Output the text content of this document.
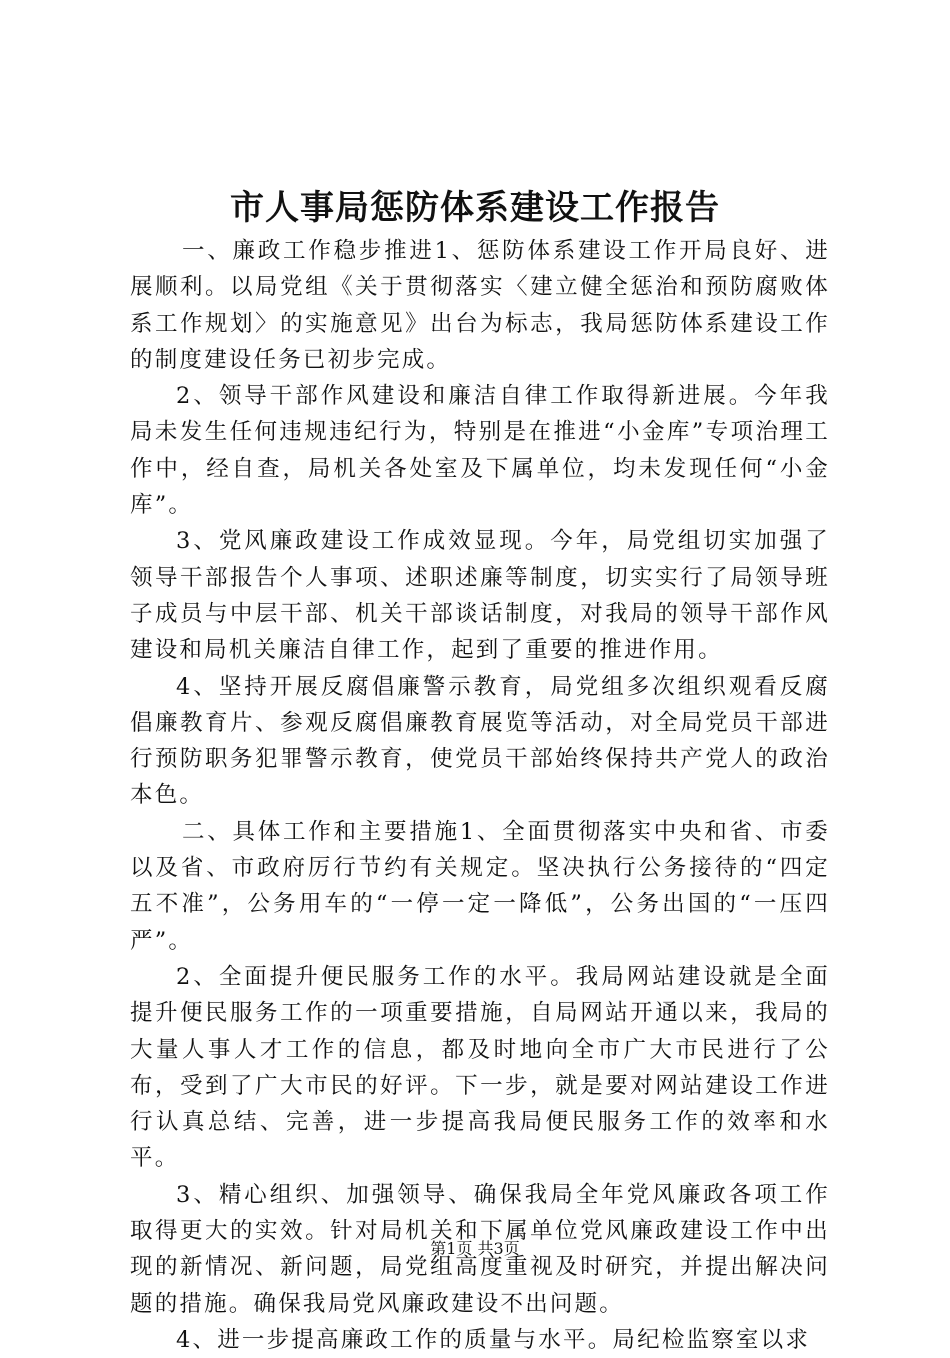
市人事局惩防体系建设工作报告

一、廉政工作稳步推进1、惩防体系建设工作开局良好、进展顺利。以局党组《关于贯彻落实〈建立健全惩治和预防腐败体系工作规划〉的实施意见》出台为标志，我局惩防体系建设工作的制度建设任务已初步完成。

2、领导干部作风建设和廉洁自律工作取得新进展。今年我局未发生任何违规违纪行为，特别是在推进“小金库”专项治理工作中，经自查，局机关各处室及下属单位，均未发现任何“小金库”。

3、党风廉政建设工作成效显现。今年，局党组切实加强了领导干部报告个人事项、述职述廉等制度，切实实行了局领导班子成员与中层干部、机关干部谈话制度，对我局的领导干部作风建设和局机关廉洁自律工作，起到了重要的推进作用。

4、坚持开展反腐倡廉警示教育，局党组多次组织观看反腐倡廉教育片、参观反腐倡廉教育展览等活动，对全局党员干部进行预防职务犯罪警示教育，使党员干部始终保持共产党人的政治本色。

二、具体工作和主要措施1、全面贯彻落实中央和省、市委以及省、市政府厉行节约有关规定。坚决执行公务接待的“四定五不准”，公务用车的“一停一定一降低”，公务出国的“一压四严”。

2、全面提升便民服务工作的水平。我局网站建设就是全面提升便民服务工作的一项重要措施，自局网站开通以来，我局的大量人事人才工作的信息，都及时地向全市广大市民进行了公布，受到了广大市民的好评。下一步，就是要对网站建设工作进行认真总结、完善，进一步提高我局便民服务工作的效率和水平。

3、精心组织、加强领导、确保我局全年党风廉政各项工作取得更大的实效。针对局机关和下属单位党风廉政建设工作中出现的新情况、新问题，局党组高度重视及时研究，并提出解决问题的措施。确保我局党风廉政建设不出问题。

4、进一步提高廉政工作的质量与水平。局纪检监察室以求

第1页 共3页
